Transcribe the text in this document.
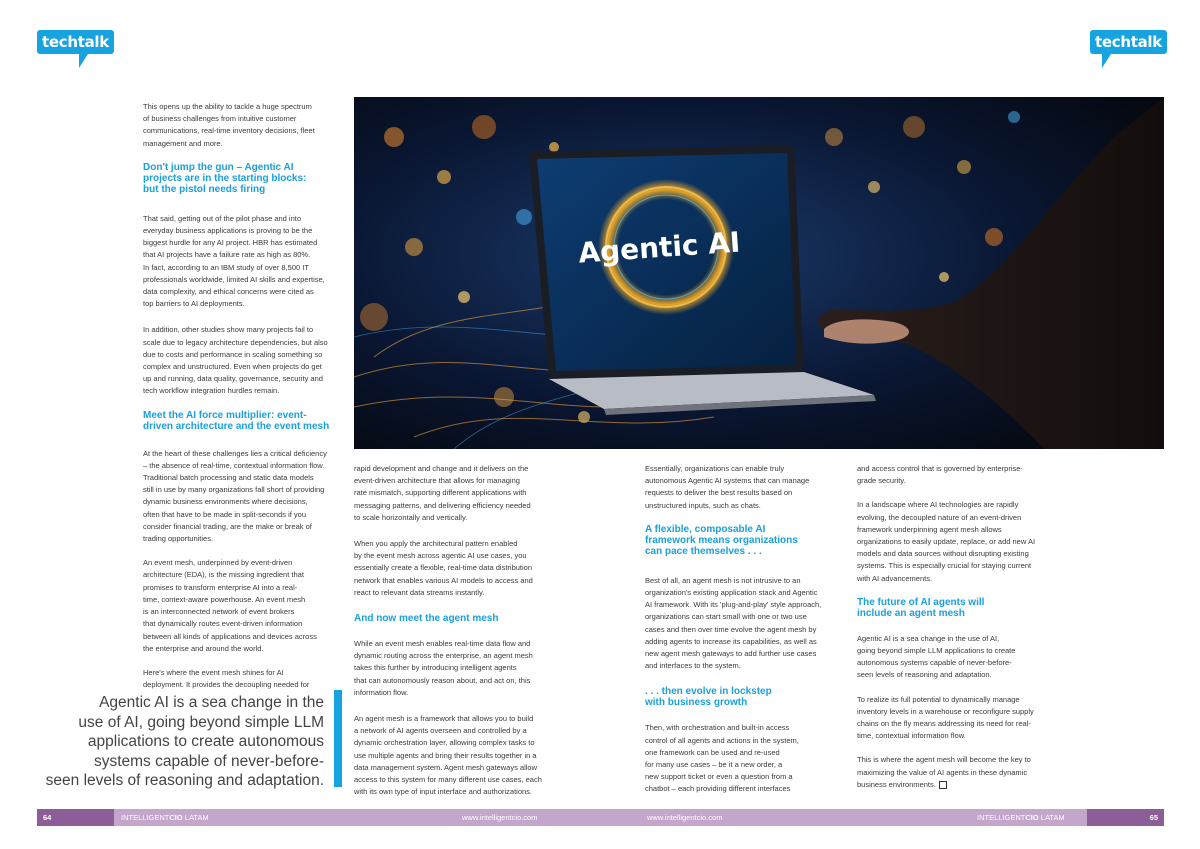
techtalk	techtalk

This opens up the ability to tackle a huge spectrum
of business challenges from intuitive customer
communications, real-time inventory decisions, fleet
management and more.

Don't jump the gun – Agentic AI
projects are in the starting blocks:
but the pistol needs firing

That said, getting out of the pilot phase and into
everyday business applications is proving to be the
biggest hurdle for any AI project. HBR has estimated
that AI projects have a failure rate as high as 80%.
In fact, according to an IBM study of over 8,500 IT
professionals worldwide, limited AI skills and expertise,
data complexity, and ethical concerns were cited as
top barriers to AI deployments.

In addition, other studies show many projects fail to
scale due to legacy architecture dependencies, but also
due to costs and performance in scaling something so
complex and unstructured. Even when projects do get
up and running, data quality, governance, security and
tech workflow integration hurdles remain.

Meet the AI force multiplier: event-
driven architecture and the event mesh

At the heart of these challenges lies a critical deficiency
– the absence of real-time, contextual information flow.
Traditional batch processing and static data models
still in use by many organizations fall short of providing
dynamic business environments where decisions,
often that have to be made in split-seconds if you
consider financial trading, are the make or break of
trading opportunities.

An event mesh, underpinned by event-driven
architecture (EDA), is the missing ingredient that
promises to transform enterprise AI into a real-
time, context-aware powerhouse. An event mesh
is an interconnected network of event brokers
that dynamically routes event-driven information
between all kinds of applications and devices across
the enterprise and around the world.

Here's where the event mesh shines for AI
deployment. It provides the decoupling needed for

Agentic AI

rapid development and change and it delivers on the
event-driven architecture that allows for managing
rate mismatch, supporting different applications with
messaging patterns, and delivering efficiency needed
to scale horizontally and vertically.

When you apply the architectural pattern enabled
by the event mesh across agentic AI use cases, you
essentially create a flexible, real-time data distribution
network that enables various AI models to access and
react to relevant data streams instantly.

And now meet the agent mesh

While an event mesh enables real-time data flow and
dynamic routing across the enterprise, an agent mesh
takes this further by introducing intelligent agents
that can autonomously reason about, and act on, this
information flow.

An agent mesh is a framework that allows you to build
a network of AI agents overseen and controlled by a
dynamic orchestration layer, allowing complex tasks to
use multiple agents and bring their results together in a
data management system. Agent mesh gateways allow
access to this system for many different use cases, each
with its own type of input interface and authorizations.

Essentially, organizations can enable truly
autonomous Agentic AI systems that can manage
requests to deliver the best results based on
unstructured inputs, such as chats.

A flexible, composable AI
framework means organizations
can pace themselves . . .

Best of all, an agent mesh is not intrusive to an
organization's existing application stack and Agentic
AI framework. With its 'plug-and-play' style approach,
organizations can start small with one or two use
cases and then over time evolve the agent mesh by
adding agents to increase its capabilities, as well as
new agent mesh gateways to add further use cases
and interfaces to the system.

. . . then evolve in lockstep
with business growth

Then, with orchestration and built-in access
control of all agents and actions in the system,
one framework can be used and re-used
for many use cases – be it a new order, a
new support ticket or even a question from a
chatbot – each providing different interfaces

and access control that is governed by enterprise-
grade security.

In a landscape where AI technologies are rapidly
evolving, the decoupled nature of an event-driven
framework underpinning agent mesh allows
organizations to easily update, replace, or add new AI
models and data sources without disrupting existing
systems. This is especially crucial for staying current
with AI advancements.

The future of AI agents will
include an agent mesh

Agentic AI is a sea change in the use of AI,
going beyond simple LLM applications to create
autonomous systems capable of never-before-
seen levels of reasoning and adaptation.

To realize its full potential to dynamically manage
inventory levels in a warehouse or reconfigure supply
chains on the fly means addressing its need for real-
time, contextual information flow.

This is where the agent mesh will become the key to
maximizing the value of AI agents in these dynamic
business environments.

Agentic AI is a sea change in the
use of AI, going beyond simple LLM
applications to create autonomous
systems capable of never-before-
seen levels of reasoning and adaptation.
64	INTELLIGENTCIO LATAM	www.intelligentcio.com	www.intelligentcio.com	INTELLIGENTCIO LATAM	65
